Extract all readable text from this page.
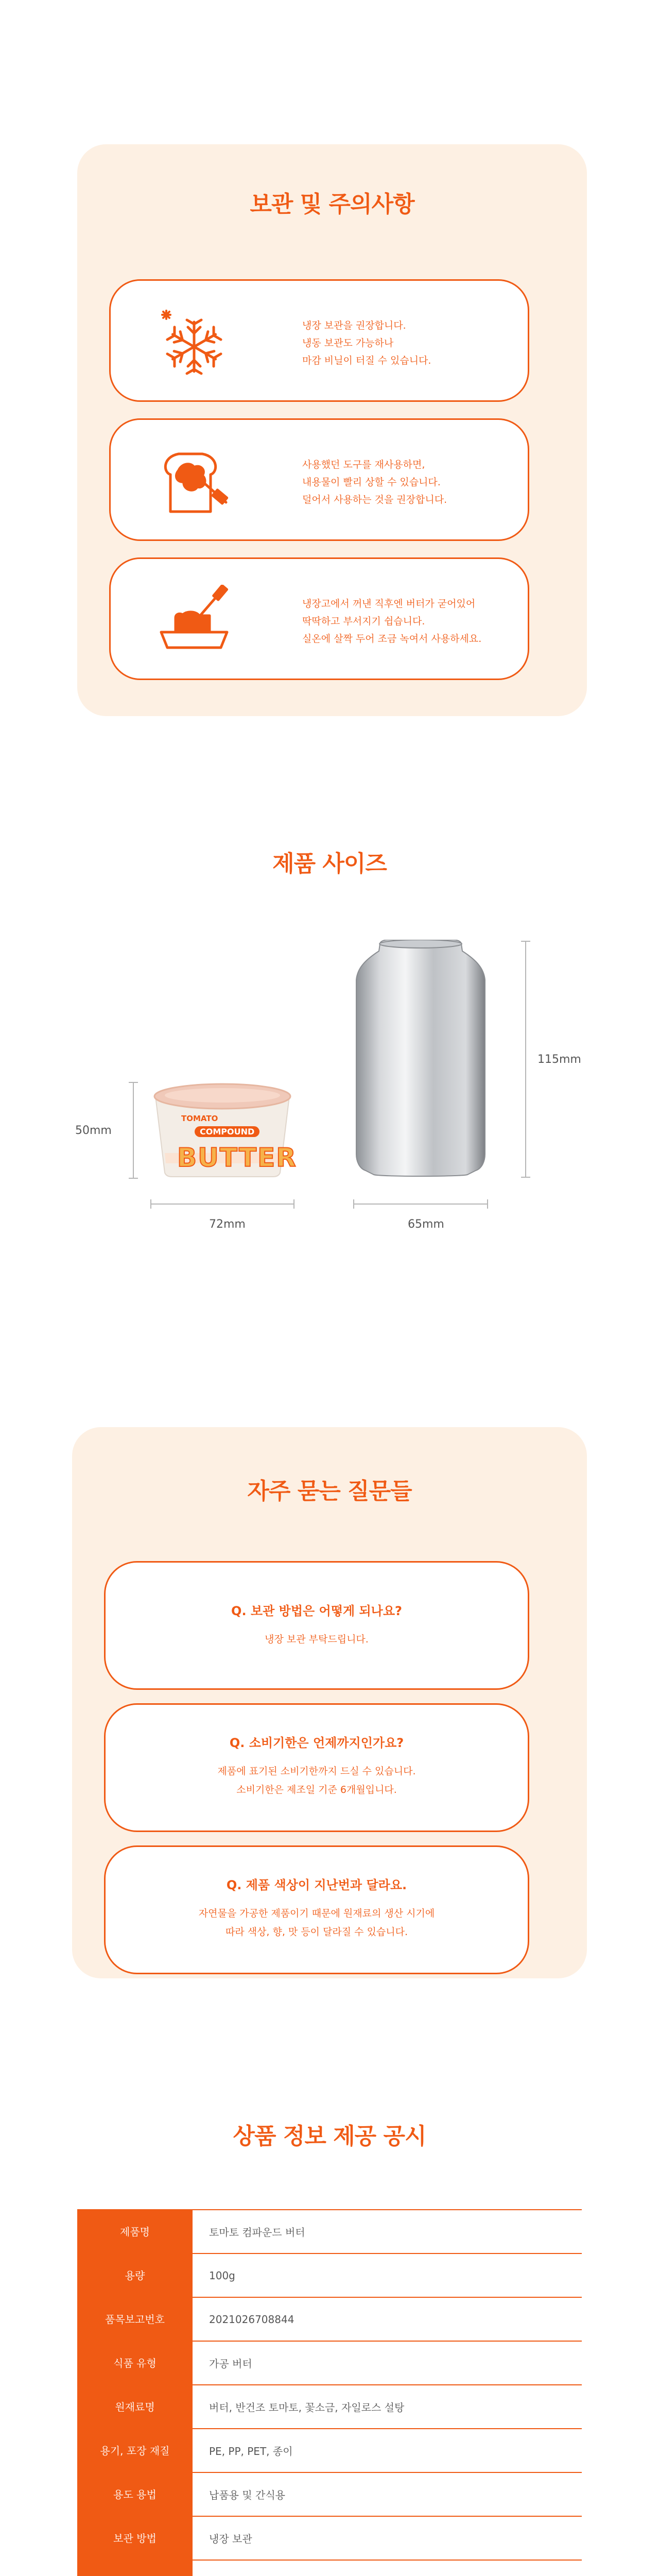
보관 및 주의사항
냉장 보관을 권장합니다.
냉동 보관도 가능하나
마감 비닐이 터질 수 있습니다.
사용했던 도구를 재사용하면,
내용물이 빨리 상할 수 있습니다.
덜어서 사용하는 것을 권장합니다.
냉장고에서 꺼낸 직후엔 버터가 굳어있어
딱딱하고 부서지기 쉽습니다.
실온에 살짝 두어 조금 녹여서 사용하세요.
제품 사이즈
50mm
TOMATO
COMPOUND
BUTTER
72mm
115mm
65mm
자주 묻는 질문들
Q. 보관 방법은 어떻게 되나요?
냉장 보관 부탁드립니다.
Q. 소비기한은 언제까지인가요?
제품에 표기된 소비기한까지 드실 수 있습니다.
소비기한은 제조일 기준 6개월입니다.
Q. 제품 색상이 지난번과 달라요.
자연물을 가공한 제품이기 때문에 원재료의 생산 시기에
따라 색상, 향, 맛 등이 달라질 수 있습니다.
상품 정보 제공 공시
제품명	토마토 컴파운드 버터
용량	100g
품목보고번호	2021026708844
식품 유형	가공 버터
원재료명	버터, 반건조 토마토, 꽃소금, 자일로스 설탕
용기, 포장 재질	PE, PP, PET, 종이
용도 용법	납품용 및 간식용
보관 방법	냉장 보관
